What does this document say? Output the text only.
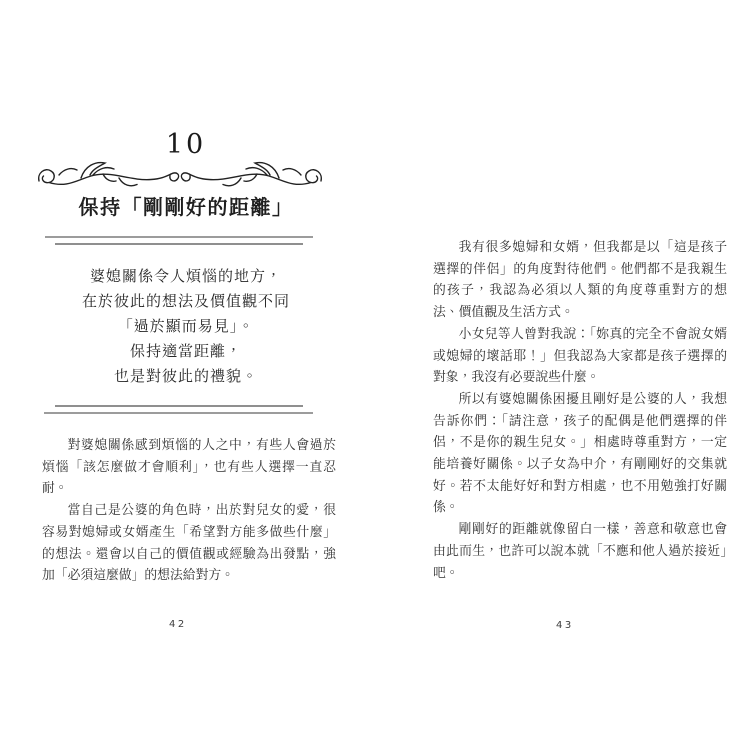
10
保持「剛剛好的距離」
婆媳關係令人煩惱的地方，
在於彼此的想法及價值觀不同
「過於顯而易見」。
保持適當距離，
也是對彼此的禮貌。

對婆媳關係感到煩惱的人之中，有些人會過於煩惱「該怎麼做才會順利」，也有些人選擇一直忍耐。

當自己是公婆的角色時，出於對兒女的愛，很容易對媳婦或女婿產生「希望對方能多做些什麼」的想法。還會以自己的價值觀或經驗為出發點，強加「必須這麼做」的想法給對方。

42

我有很多媳婦和女婿，但我都是以「這是孩子選擇的伴侶」的角度對待他們。他們都不是我親生的孩子，我認為必須以人類的角度尊重對方的想法、價值觀及生活方式。

小女兒等人曾對我說：「妳真的完全不會說女婿或媳婦的壞話耶！」但我認為大家都是孩子選擇的對象，我沒有必要說些什麼。

所以有婆媳關係困擾且剛好是公婆的人，我想告訴你們：「請注意，孩子的配偶是他們選擇的伴侶，不是你的親生兒女。」相處時尊重對方，一定能培養好關係。以子女為中介，有剛剛好的交集就好。若不太能好好和對方相處，也不用勉強打好關係。

剛剛好的距離就像留白一樣，善意和敬意也會由此而生，也許可以說本就「不應和他人過於接近」吧。

43
